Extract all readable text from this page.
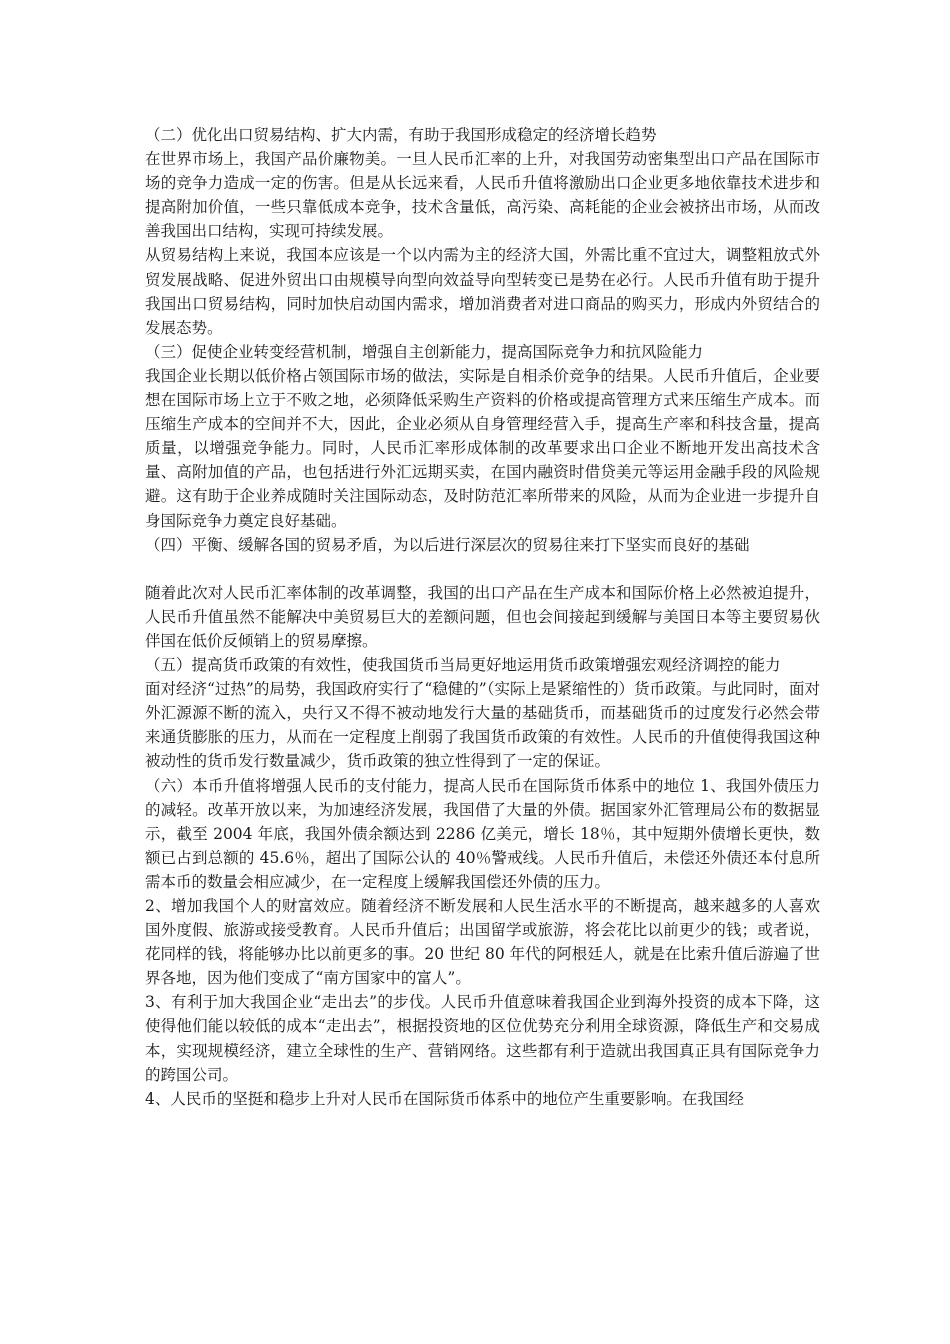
（二）优化出口贸易结构、扩大内需，有助于我国形成稳定的经济增长趋势

在世界市场上，我国产品价廉物美。一旦人民币汇率的上升，对我国劳动密集型出口产品在国际市场的竞争力造成一定的伤害。但是从长远来看，人民币升值将激励出口企业更多地依靠技术进步和提高附加价值，一些只靠低成本竞争，技术含量低，高污染、高耗能的企业会被挤出市场，从而改善我国出口结构，实现可持续发展。

从贸易结构上来说，我国本应该是一个以内需为主的经济大国，外需比重不宜过大，调整粗放式外贸发展战略、促进外贸出口由规模导向型向效益导向型转变已是势在必行。人民币升值有助于提升我国出口贸易结构，同时加快启动国内需求，增加消费者对进口商品的购买力，形成内外贸结合的发展态势。

（三）促使企业转变经营机制，增强自主创新能力，提高国际竞争力和抗风险能力

我国企业长期以低价格占领国际市场的做法，实际是自相杀价竞争的结果。人民币升值后，企业要想在国际市场上立于不败之地，必须降低采购生产资料的价格或提高管理方式来压缩生产成本。而压缩生产成本的空间并不大，因此，企业必须从自身管理经营入手，提高生产率和科技含量，提高质量，以增强竞争能力。同时，人民币汇率形成体制的改革要求出口企业不断地开发出高技术含量、高附加值的产品，也包括进行外汇远期买卖，在国内融资时借贷美元等运用金融手段的风险规避。这有助于企业养成随时关注国际动态，及时防范汇率所带来的风险，从而为企业进一步提升自身国际竞争力奠定良好基础。

（四）平衡、缓解各国的贸易矛盾，为以后进行深层次的贸易往来打下坚实而良好的基础

随着此次对人民币汇率体制的改革调整，我国的出口产品在生产成本和国际价格上必然被迫提升，人民币升值虽然不能解决中美贸易巨大的差额问题，但也会间接起到缓解与美国日本等主要贸易伙伴国在低价反倾销上的贸易摩擦。

（五）提高货币政策的有效性，使我国货币当局更好地运用货币政策增强宏观经济调控的能力

面对经济“过热”的局势，我国政府实行了“稳健的”（实际上是紧缩性的）货币政策。与此同时，面对外汇源源不断的流入，央行又不得不被动地发行大量的基础货币，而基础货币的过度发行必然会带来通货膨胀的压力，从而在一定程度上削弱了我国货币政策的有效性。人民币的升值使得我国这种被动性的货币发行数量减少，货币政策的独立性得到了一定的保证。

（六）本币升值将增强人民币的支付能力，提高人民币在国际货币体系中的地位 1、我国外债压力的减轻。改革开放以来，为加速经济发展，我国借了大量的外债。据国家外汇管理局公布的数据显示，截至 2004 年底，我国外债余额达到 2286 亿美元，增长 18％，其中短期外债增长更快，数额已占到总额的 45.6％，超出了国际公认的 40％警戒线。人民币升值后，未偿还外债还本付息所需本币的数量会相应减少，在一定程度上缓解我国偿还外债的压力。

2、增加我国个人的财富效应。随着经济不断发展和人民生活水平的不断提高，越来越多的人喜欢国外度假、旅游或接受教育。人民币升值后；出国留学或旅游，将会花比以前更少的钱；或者说，花同样的钱，将能够办比以前更多的事。20 世纪 80 年代的阿根廷人，就是在比索升值后游遍了世界各地，因为他们变成了“南方国家中的富人”。

3、有利于加大我国企业“走出去”的步伐。人民币升值意味着我国企业到海外投资的成本下降，这使得他们能以较低的成本“走出去”，根据投资地的区位优势充分利用全球资源，降低生产和交易成本，实现规模经济，建立全球性的生产、营销网络。这些都有利于造就出我国真正具有国际竞争力的跨国公司。

4、人民币的坚挺和稳步上升对人民币在国际货币体系中的地位产生重要影响。在我国经
